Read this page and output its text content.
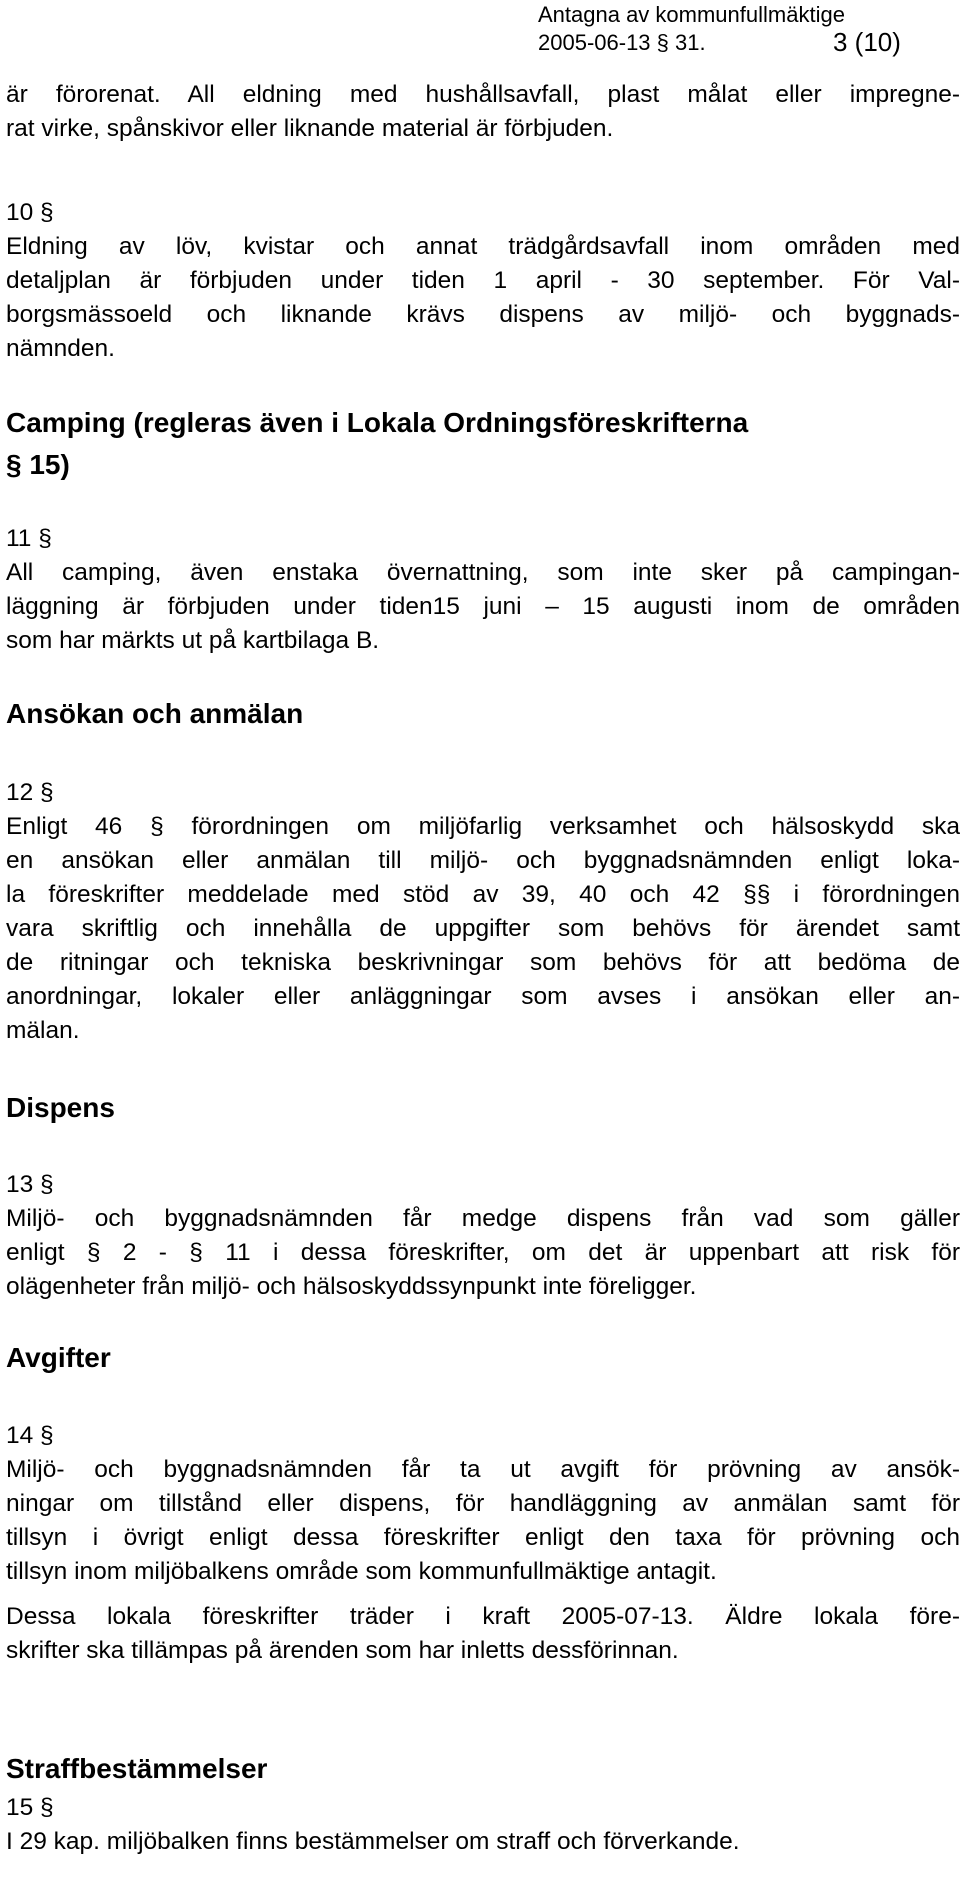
Antagna av kommunfullmäktige
2005-06-13 § 31.	3 (10)

är förorenat. All eldning med hushållsavfall, plast målat eller impregne-
rat virke, spånskivor eller liknande material är förbjuden.

10 §

Eldning av löv, kvistar och annat trädgårdsavfall inom områden med
detaljplan är förbjuden under tiden 1 april - 30 september. För Val-
borgsmässoeld och liknande krävs dispens av miljö- och byggnads-
nämnden.

Camping (regleras även i Lokala Ordningsföreskrifterna
§ 15)

11 §

All camping, även enstaka övernattning, som inte sker på campingan-
läggning är förbjuden under tiden15 juni – 15 augusti inom de områden
som har märkts ut på kartbilaga B.

Ansökan och anmälan

12 §

Enligt 46 § förordningen om miljöfarlig verksamhet och hälsoskydd ska
en ansökan eller anmälan till miljö- och byggnadsnämnden enligt loka-
la föreskrifter meddelade med stöd av 39, 40 och 42 §§ i förordningen
vara skriftlig och innehålla de uppgifter som behövs för ärendet samt
de ritningar och tekniska beskrivningar som behövs för att bedöma de
anordningar, lokaler eller anläggningar som avses i ansökan eller an-
mälan.

Dispens

13 §

Miljö- och byggnadsnämnden får medge dispens från vad som gäller
enligt § 2 - § 11 i dessa föreskrifter, om det är uppenbart att risk för
olägenheter från miljö- och hälsoskyddssynpunkt inte föreligger.

Avgifter

14 §

Miljö- och byggnadsnämnden får ta ut avgift för prövning av ansök-
ningar om tillstånd eller dispens, för handläggning av anmälan samt för
tillsyn i övrigt enligt dessa föreskrifter enligt den taxa för prövning och
tillsyn inom miljöbalkens område som kommunfullmäktige antagit.

Dessa lokala föreskrifter träder i kraft 2005-07-13. Äldre lokala före-
skrifter ska tillämpas på ärenden som har inletts dessförinnan.

Straffbestämmelser

15 §

I 29 kap. miljöbalken finns bestämmelser om straff och förverkande.
